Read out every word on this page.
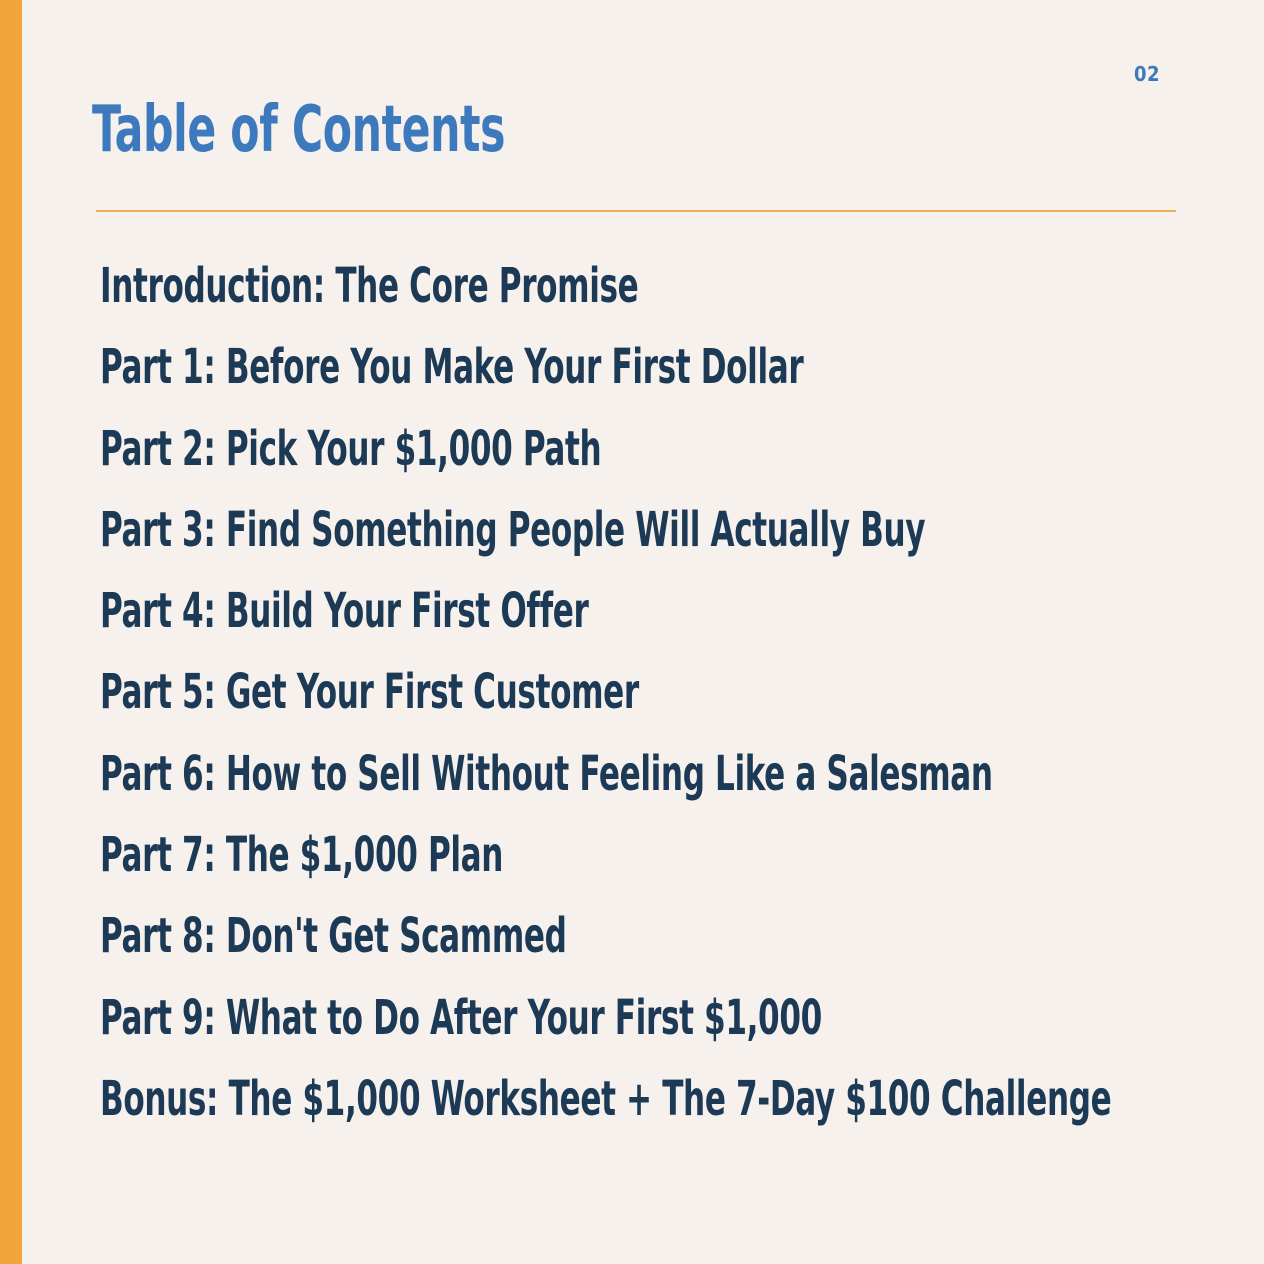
02
Table of Contents
Introduction: The Core Promise
Part 1: Before You Make Your First Dollar
Part 2: Pick Your $1,000 Path
Part 3: Find Something People Will Actually Buy
Part 4: Build Your First Offer
Part 5: Get Your First Customer
Part 6: How to Sell Without Feeling Like a Salesman
Part 7: The $1,000 Plan
Part 8: Don't Get Scammed
Part 9: What to Do After Your First $1,000
Bonus: The $1,000 Worksheet + The 7-Day $100 Challenge
